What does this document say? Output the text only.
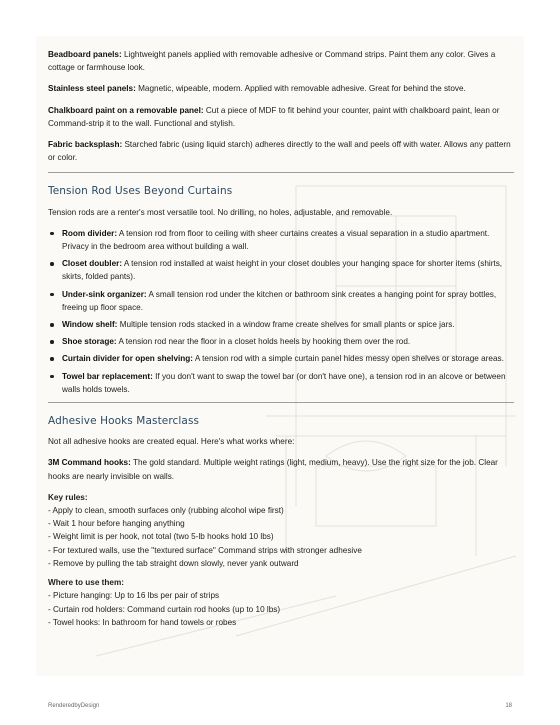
Beadboard panels: Lightweight panels applied with removable adhesive or Command strips. Paint them any color. Gives a cottage or farmhouse look.

Stainless steel panels: Magnetic, wipeable, modern. Applied with removable adhesive. Great for behind the stove.

Chalkboard paint on a removable panel: Cut a piece of MDF to fit behind your counter, paint with chalkboard paint, lean or Command-strip it to the wall. Functional and stylish.

Fabric backsplash: Starched fabric (using liquid starch) adheres directly to the wall and peels off with water. Allows any pattern or color.

Tension Rod Uses Beyond Curtains

Tension rods are a renter's most versatile tool. No drilling, no holes, adjustable, and removable.

Room divider: A tension rod from floor to ceiling with sheer curtains creates a visual separation in a studio apartment. Privacy in the bedroom area without building a wall.
Closet doubler: A tension rod installed at waist height in your closet doubles your hanging space for shorter items (shirts, skirts, folded pants).
Under-sink organizer: A small tension rod under the kitchen or bathroom sink creates a hanging point for spray bottles, freeing up floor space.
Window shelf: Multiple tension rods stacked in a window frame create shelves for small plants or spice jars.
Shoe storage: A tension rod near the floor in a closet holds heels by hooking them over the rod.
Curtain divider for open shelving: A tension rod with a simple curtain panel hides messy open shelves or storage areas.
Towel bar replacement: If you don't want to swap the towel bar (or don't have one), a tension rod in an alcove or between walls holds towels.
Adhesive Hooks Masterclass

Not all adhesive hooks are created equal. Here's what works where:

3M Command hooks: The gold standard. Multiple weight ratings (light, medium, heavy). Use the right size for the job. Clear hooks are nearly invisible on walls.

Key rules:
- Apply to clean, smooth surfaces only (rubbing alcohol wipe first)
- Wait 1 hour before hanging anything
- Weight limit is per hook, not total (two 5-lb hooks hold 10 lbs)
- For textured walls, use the "textured surface" Command strips with stronger adhesive
- Remove by pulling the tab straight down slowly, never yank outward
Where to use them:
- Picture hanging: Up to 16 lbs per pair of strips
- Curtain rod holders: Command curtain rod hooks (up to 10 lbs)
- Towel hooks: In bathroom for hand towels or robes
RenderedbyDesign	18
